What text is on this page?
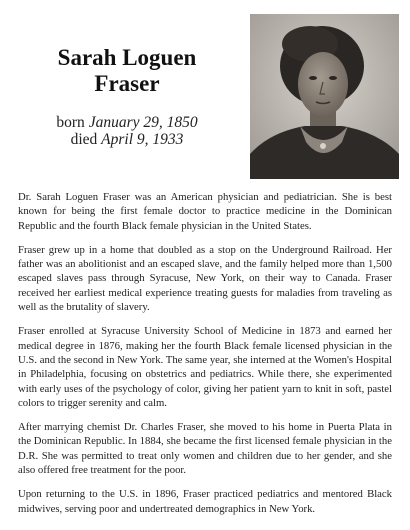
Sarah Loguen
Fraser
born January 29, 1850
died April 9, 1933

Dr. Sarah Loguen Fraser was an American physician and pediatrician. She is best known for being the first female doctor to practice medicine in the Dominican Republic and the fourth Black female physician in the United States.

Fraser grew up in a home that doubled as a stop on the Underground Railroad. Her father was an abolitionist and an escaped slave, and the family helped more than 1,500 escaped slaves pass through Syracuse, New York, on their way to Canada. Fraser received her earliest medical experience treating guests for maladies from traveling as well as the brutality of slavery.

Fraser enrolled at Syracuse University School of Medicine in 1873 and earned her medical degree in 1876, making her the fourth Black female licensed physician in the U.S. and the second in New York. The same year, she interned at the Women's Hospital in Philadelphia, focusing on obstetrics and pediatrics. While there, she experimented with early uses of the psychology of color, giving her patient yarn to knit in soft, pastel colors to trigger serenity and calm.

After marrying chemist Dr. Charles Fraser, she moved to his home in Puerta Plata in the Dominican Republic. In 1884, she became the first licensed female physician in the D.R. She was permitted to treat only women and children due to her gender, and she also offered free treatment for the poor.

Upon returning to the U.S. in 1896, Fraser practiced pediatrics and mentored Black midwives, serving poor and undertreated demographics in New York.
